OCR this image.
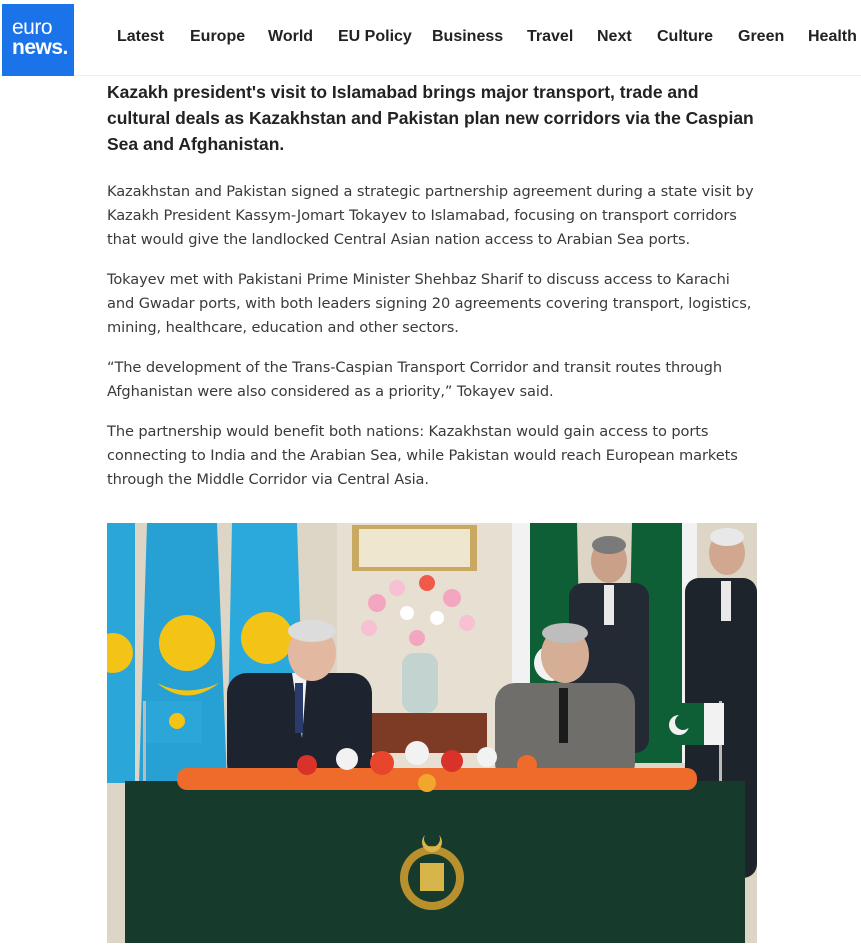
euro
news.	Latest Europe World EU Policy Business Travel Next Culture Green Health

Kazakh president's visit to Islamabad brings major transport, trade and cultural deals as Kazakhstan and Pakistan plan new corridors via the Caspian Sea and Afghanistan.

Kazakhstan and Pakistan signed a strategic partnership agreement during a state visit by Kazakh President Kassym-Jomart Tokayev to Islamabad, focusing on transport corridors that would give the landlocked Central Asian nation access to Arabian Sea ports.

Tokayev met with Pakistani Prime Minister Shehbaz Sharif to discuss access to Karachi and Gwadar ports, with both leaders signing 20 agreements covering transport, logistics, mining, healthcare, education and other sectors.

“The development of the Trans-Caspian Transport Corridor and transit routes through Afghanistan were also considered as a priority,” Tokayev said.

The partnership would benefit both nations: Kazakhstan would gain access to ports connecting to India and the Arabian Sea, while Pakistan would reach European markets through the Middle Corridor via Central Asia.
